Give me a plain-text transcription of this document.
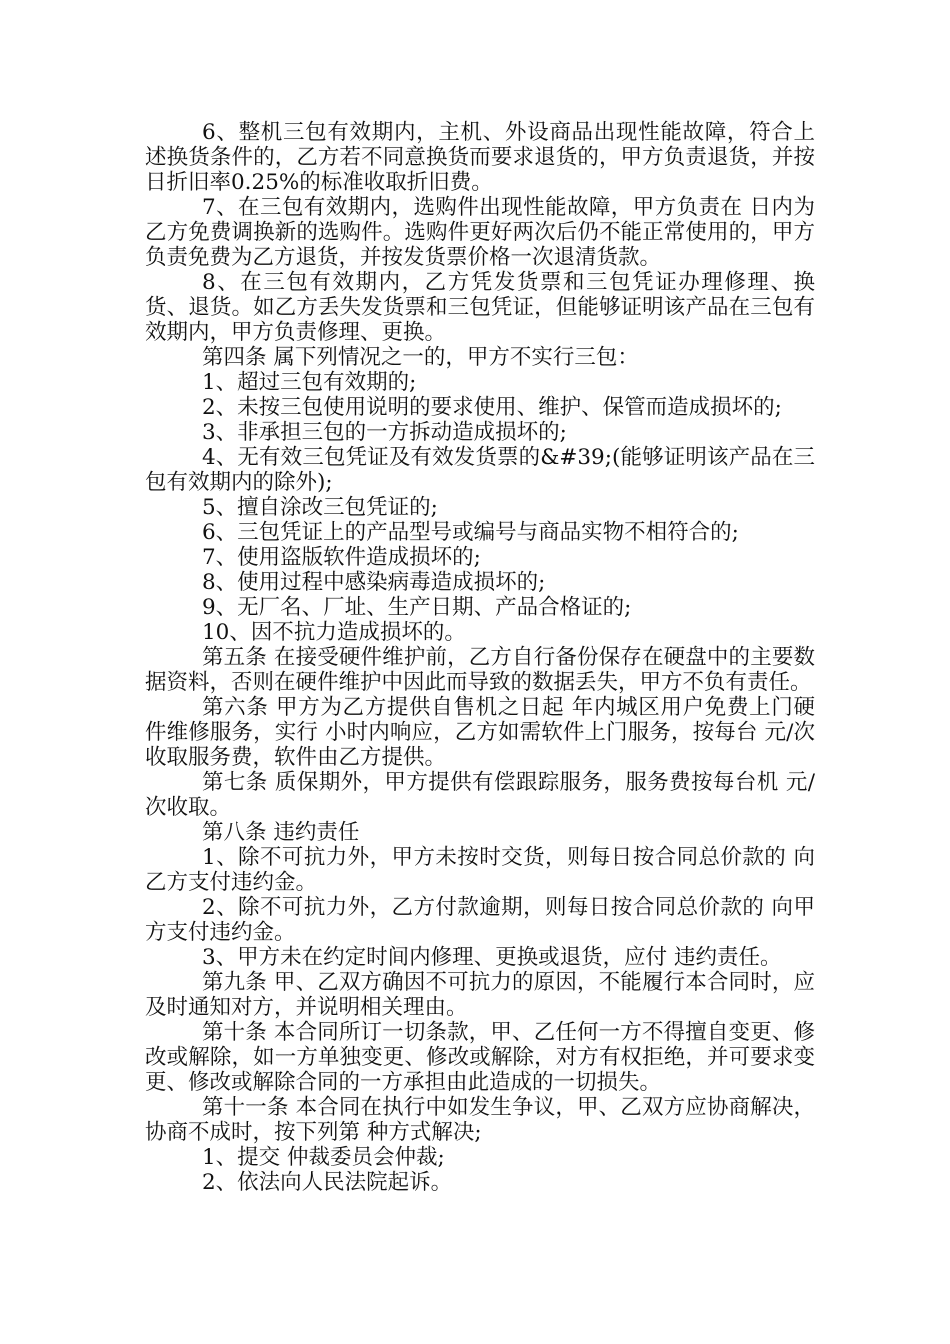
6、整机三包有效期内，主机、外设商品出现性能故障，符合上述换货条件的，乙方若不同意换货而要求退货的，甲方负责退货，并按日折旧率0.25%的标准收取折旧费。

7、在三包有效期内，选购件出现性能故障，甲方负责在 日内为乙方免费调换新的选购件。选购件更好两次后仍不能正常使用的，甲方负责免费为乙方退货，并按发货票价格一次退清货款。

8、在三包有效期内，乙方凭发货票和三包凭证办理修理、换货、退货。如乙方丢失发货票和三包凭证，但能够证明该产品在三包有效期内，甲方负责修理、更换。

第四条 属下列情况之一的，甲方不实行三包：

1、超过三包有效期的;

2、未按三包使用说明的要求使用、维护、保管而造成损坏的;

3、非承担三包的一方拆动造成损坏的;

4、无有效三包凭证及有效发货票的&#39;(能够证明该产品在三包有效期内的除外);

5、擅自涂改三包凭证的;

6、三包凭证上的产品型号或编号与商品实物不相符合的;

7、使用盗版软件造成损坏的;

8、使用过程中感染病毒造成损坏的;

9、无厂名、厂址、生产日期、产品合格证的;

10、因不抗力造成损坏的。

第五条 在接受硬件维护前，乙方自行备份保存在硬盘中的主要数据资料，否则在硬件维护中因此而导致的数据丢失，甲方不负有责任。

第六条 甲方为乙方提供自售机之日起 年内城区用户免费上门硬件维修服务，实行 小时内响应，乙方如需软件上门服务，按每台 元/次收取服务费，软件由乙方提供。

第七条 质保期外，甲方提供有偿跟踪服务，服务费按每台机 元/次收取。

第八条 违约责任

1、除不可抗力外，甲方未按时交货，则每日按合同总价款的 向乙方支付违约金。

2、除不可抗力外，乙方付款逾期，则每日按合同总价款的 向甲方支付违约金。

3、甲方未在约定时间内修理、更换或退货，应付 违约责任。

第九条 甲、乙双方确因不可抗力的原因，不能履行本合同时，应及时通知对方，并说明相关理由。

第十条 本合同所订一切条款，甲、乙任何一方不得擅自变更、修改或解除，如一方单独变更、修改或解除，对方有权拒绝，并可要求变更、修改或解除合同的一方承担由此造成的一切损失。

第十一条 本合同在执行中如发生争议，甲、乙双方应协商解决，协商不成时，按下列第 种方式解决;

1、提交 仲裁委员会仲裁;

2、依法向人民法院起诉。
